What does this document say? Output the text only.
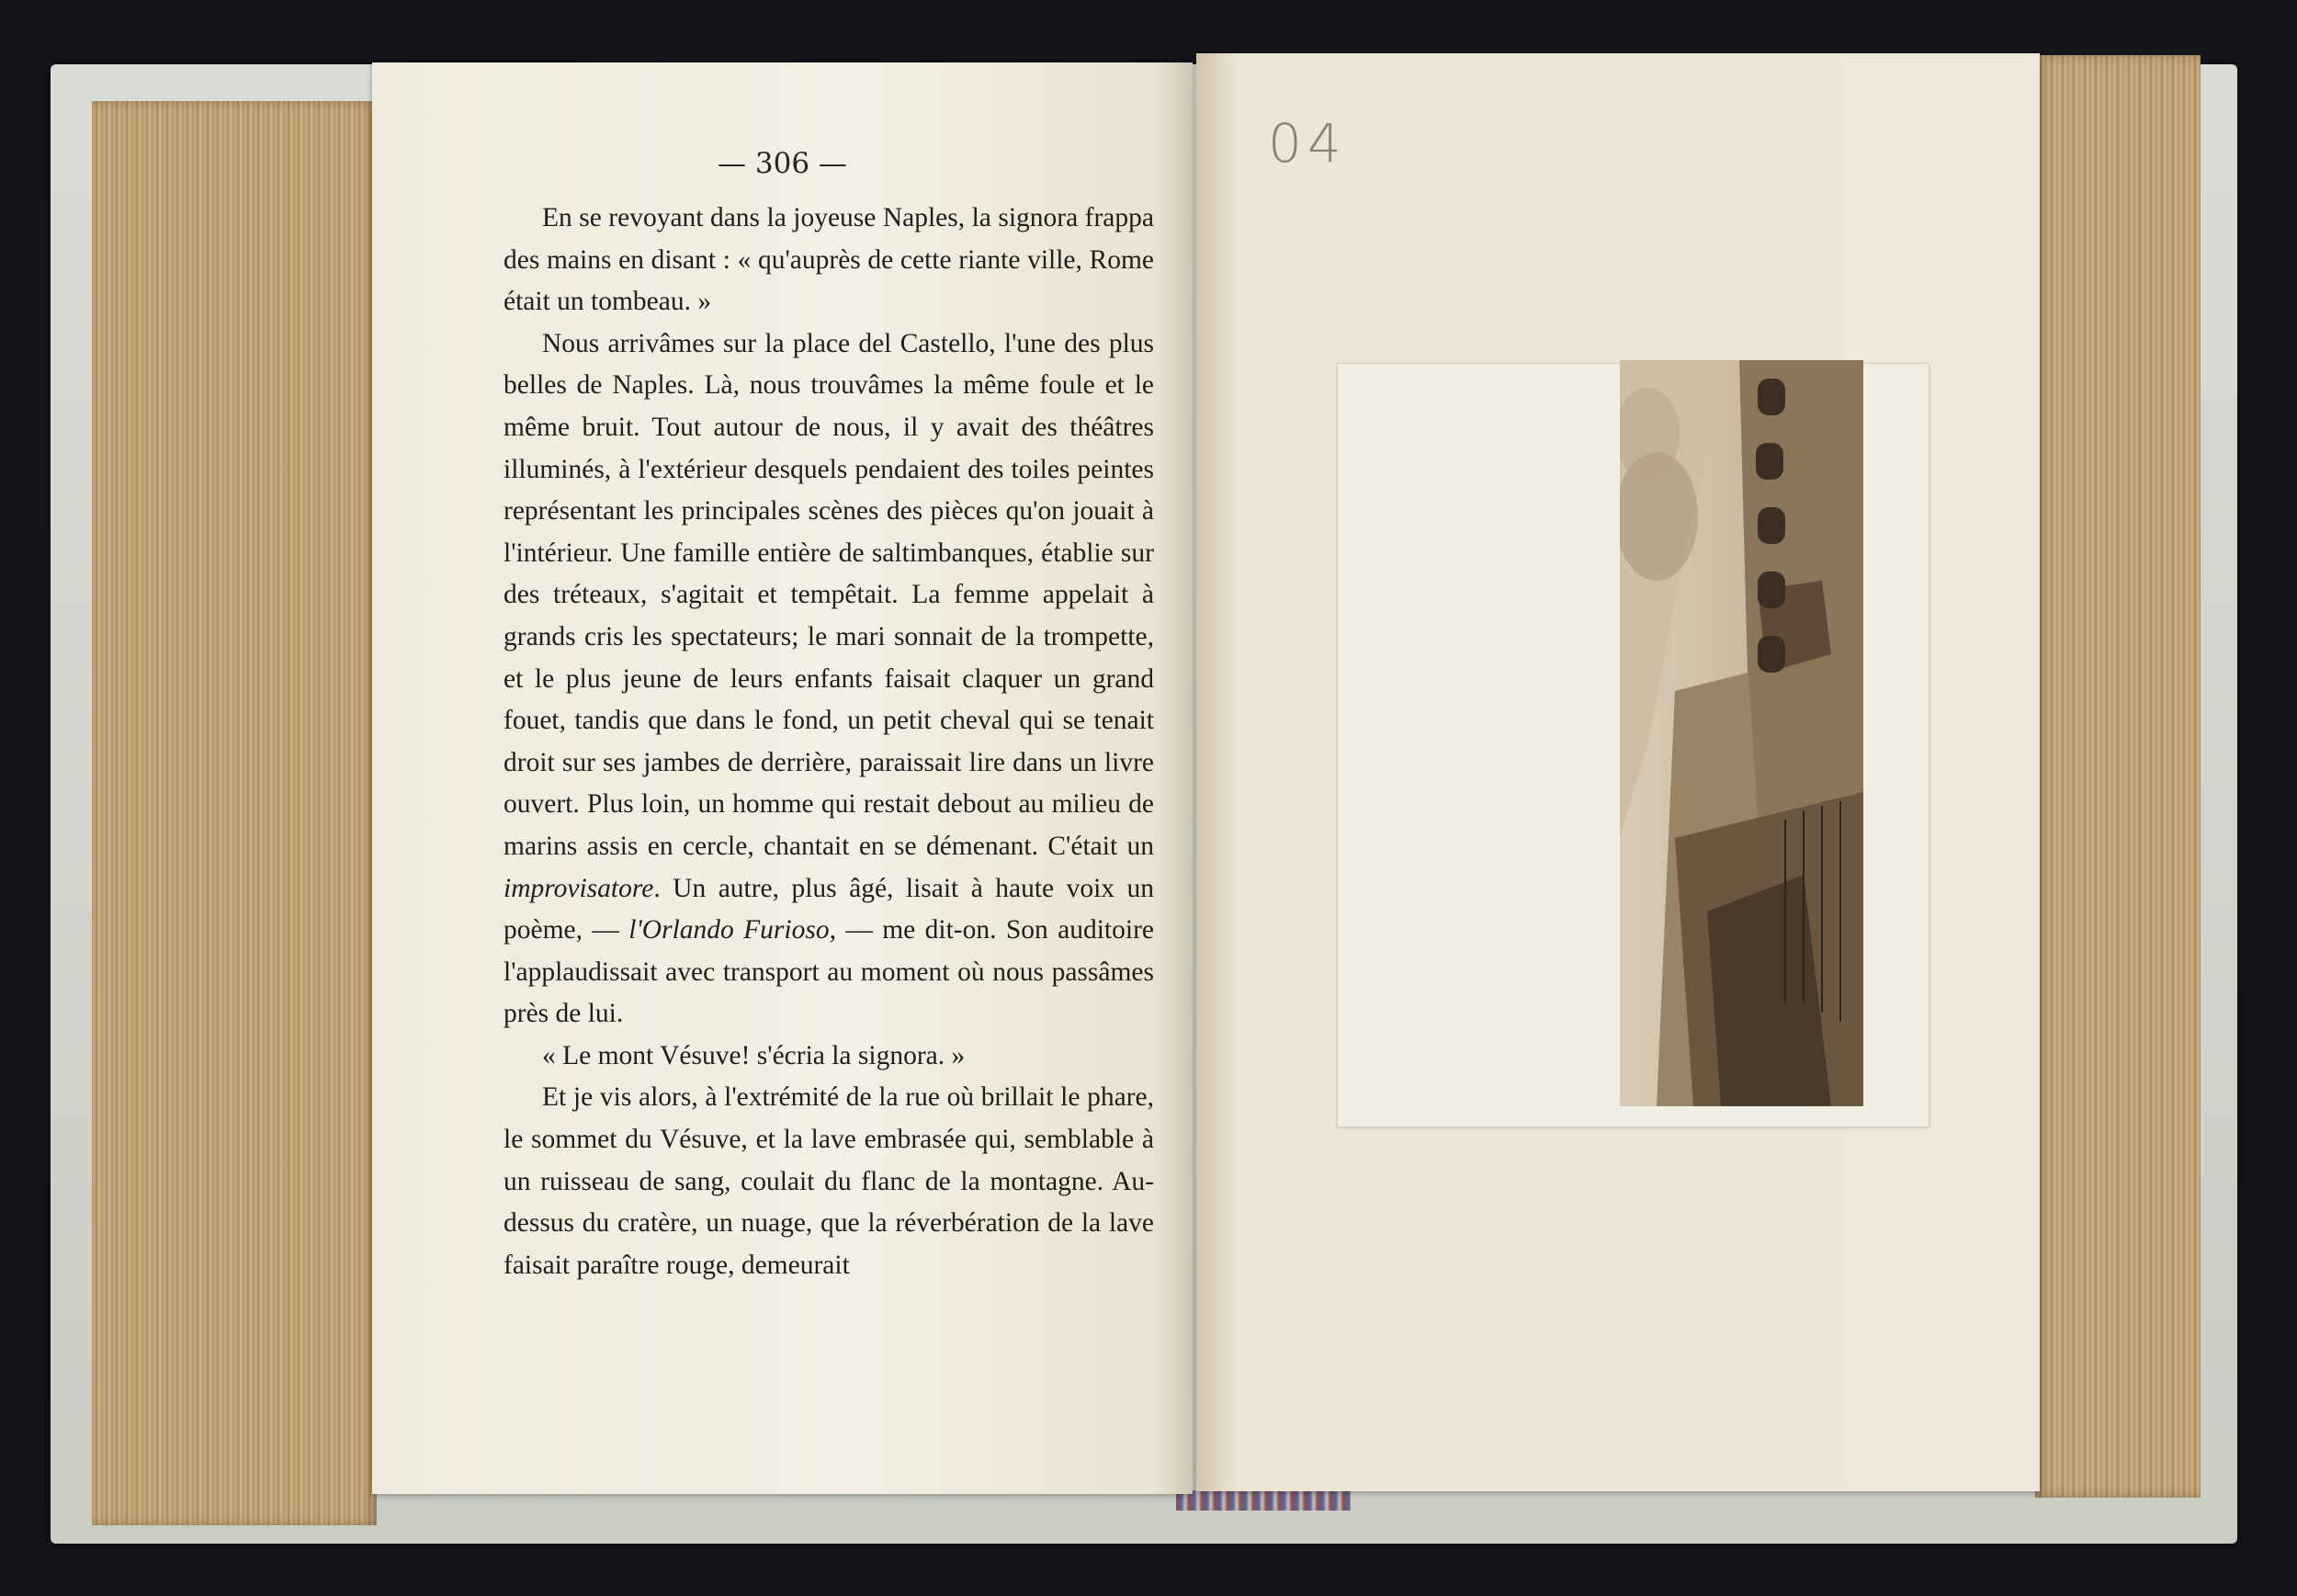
— 306 —

En se revoyant dans la joyeuse Naples, la signora frappa des mains en disant : « qu'auprès de cette riante ville, Rome était un tombeau. »

Nous arrivâmes sur la place del Castello, l'une des plus belles de Naples. Là, nous trouvâmes la même foule et le même bruit. Tout autour de nous, il y avait des théâtres illuminés, à l'extérieur desquels pendaient des toiles peintes représentant les principales scènes des pièces qu'on jouait à l'intérieur. Une famille entière de saltimbanques, établie sur des tréteaux, s'agitait et tempêtait. La femme appelait à grands cris les spectateurs; le mari sonnait de la trompette, et le plus jeune de leurs enfants faisait claquer un grand fouet, tandis que dans le fond, un petit cheval qui se tenait droit sur ses jambes de derrière, paraissait lire dans un livre ouvert. Plus loin, un homme qui restait debout au milieu de marins assis en cercle, chantait en se démenant. C'était un improvisatore. Un autre, plus âgé, lisait à haute voix un poème, — l'Orlando Furioso, — me dit-on. Son auditoire l'applaudissait avec transport au moment où nous passâmes près de lui.

« Le mont Vésuve! s'écria la signora. »

Et je vis alors, à l'extrémité de la rue où brillait le phare, le sommet du Vésuve, et la lave embrasée qui, semblable à un ruisseau de sang, coulait du flanc de la montagne. Au-dessus du cratère, un nuage, que la réverbération de la lave faisait paraître rouge, demeurait

04
